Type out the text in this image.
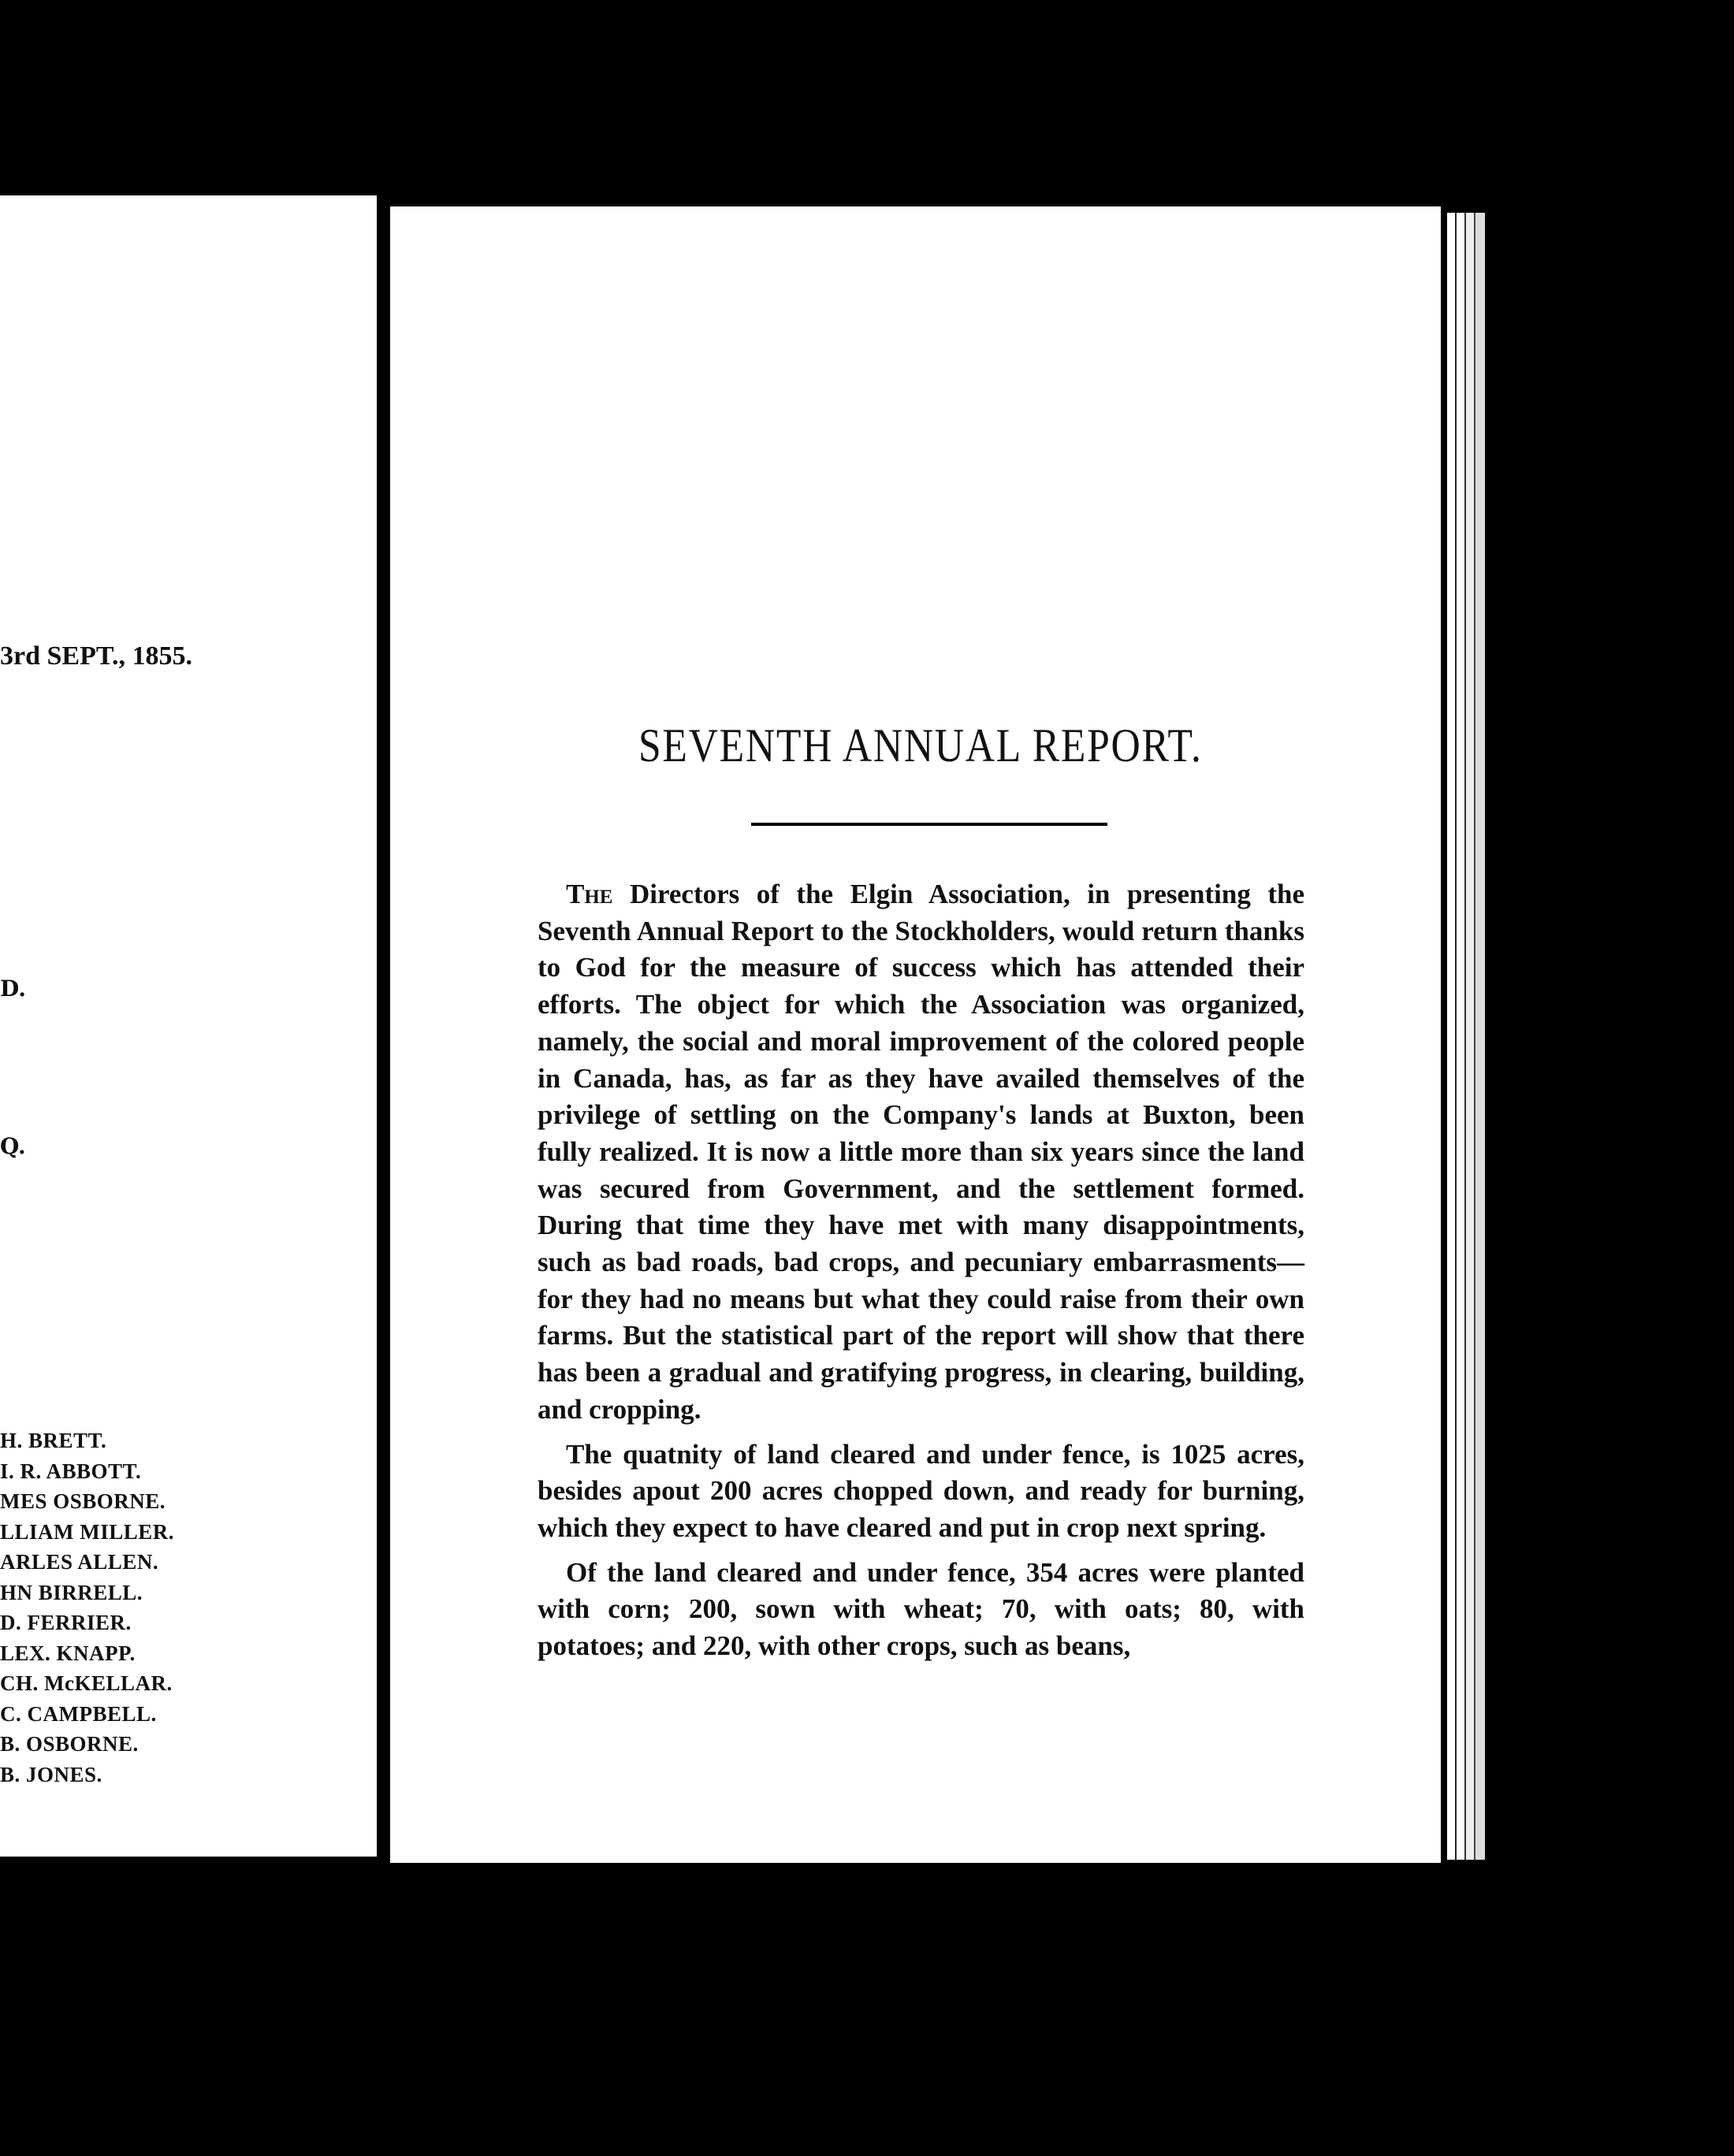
3rd SEPT., 1855.
D.
Q.
H. BRETT.
I. R. ABBOTT.
MES OSBORNE.
LLIAM MILLER.
ARLES ALLEN.
HN BIRRELL.
D. FERRIER.
LEX. KNAPP.
CH. McKELLAR.
C. CAMPBELL.
B. OSBORNE.
B. JONES.
SEVENTH ANNUAL REPORT.

The Directors of the Elgin Association, in presenting the Seventh Annual Report to the Stockholders, would return thanks to God for the measure of success which has attended their efforts. The object for which the Association was organized, namely, the social and moral improvement of the colored people in Canada, has, as far as they have availed themselves of the privilege of settling on the Company's lands at Buxton, been fully realized. It is now a little more than six years since the land was secured from Government, and the settlement formed. During that time they have met with many disappointments, such as bad roads, bad crops, and pecuniary embarrasments—for they had no means but what they could raise from their own farms. But the statistical part of the report will show that there has been a gradual and gratifying progress, in clearing, building, and cropping.

The quatnity of land cleared and under fence, is 1025 acres, besides apout 200 acres chopped down, and ready for burning, which they expect to have cleared and put in crop next spring.

Of the land cleared and under fence, 354 acres were planted with corn; 200, sown with wheat; 70, with oats; 80, with potatoes; and 220, with other crops, such as beans,
